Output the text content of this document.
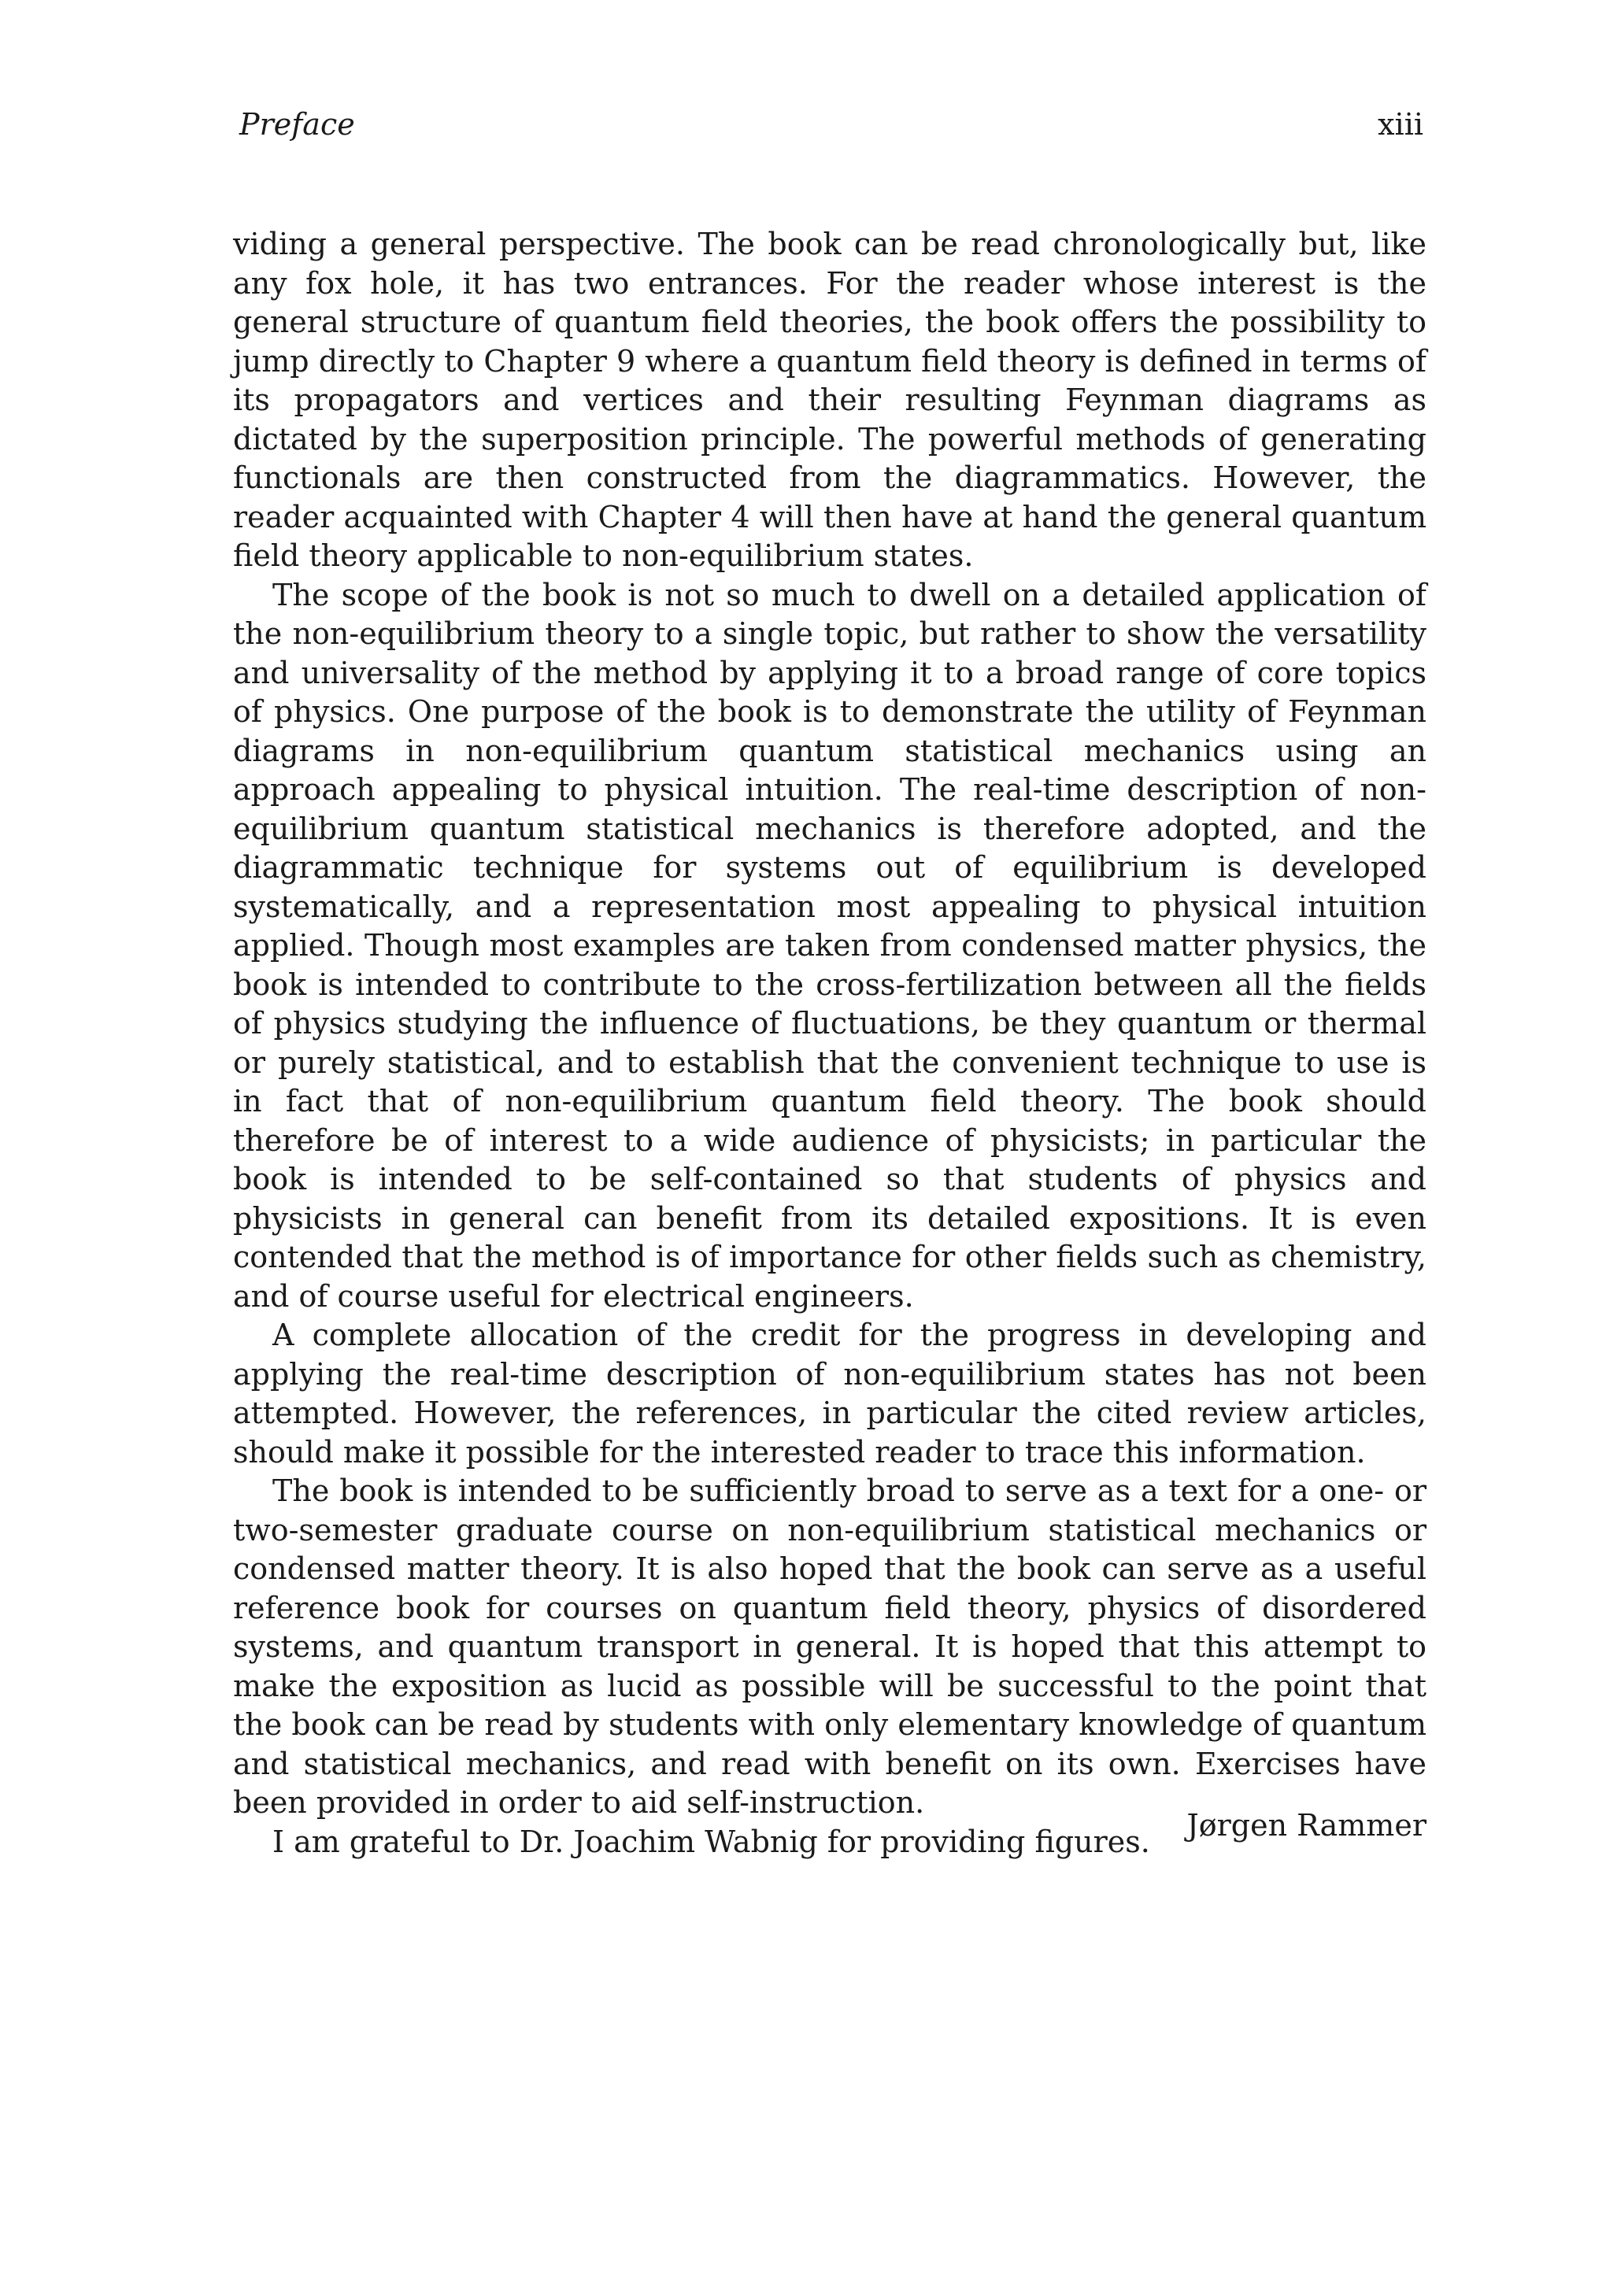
Preface	xiii

viding a general perspective. The book can be read chronologically but, like any fox hole, it has two entrances. For the reader whose interest is the general structure of quantum field theories, the book offers the possibility to jump directly to Chapter 9 where a quantum field theory is defined in terms of its propagators and vertices and their resulting Feynman diagrams as dictated by the superposition principle. The powerful methods of generating functionals are then constructed from the diagrammatics. However, the reader acquainted with Chapter 4 will then have at hand the general quantum field theory applicable to non-equilibrium states.

The scope of the book is not so much to dwell on a detailed application of the non-equilibrium theory to a single topic, but rather to show the versatility and universality of the method by applying it to a broad range of core topics of physics. One purpose of the book is to demonstrate the utility of Feynman diagrams in non-equilibrium quantum statistical mechanics using an approach appealing to physical intuition. The real-time description of non-equilibrium quantum statistical mechanics is therefore adopted, and the diagrammatic technique for systems out of equilibrium is developed systematically, and a representation most appealing to physical intuition applied. Though most examples are taken from condensed matter physics, the book is intended to contribute to the cross-fertilization between all the fields of physics studying the influence of fluctuations, be they quantum or thermal or purely statistical, and to establish that the convenient technique to use is in fact that of non-equilibrium quantum field theory. The book should therefore be of interest to a wide audience of physicists; in particular the book is intended to be self-contained so that students of physics and physicists in general can benefit from its detailed expositions. It is even contended that the method is of importance for other fields such as chemistry, and of course useful for electrical engineers.

A complete allocation of the credit for the progress in developing and applying the real-time description of non-equilibrium states has not been attempted. However, the references, in particular the cited review articles, should make it possible for the interested reader to trace this information.

The book is intended to be sufficiently broad to serve as a text for a one- or two-semester graduate course on non-equilibrium statistical mechanics or condensed matter theory. It is also hoped that the book can serve as a useful reference book for courses on quantum field theory, physics of disordered systems, and quantum transport in general. It is hoped that this attempt to make the exposition as lucid as possible will be successful to the point that the book can be read by students with only elementary knowledge of quantum and statistical mechanics, and read with benefit on its own. Exercises have been provided in order to aid self-instruction.

I am grateful to Dr. Joachim Wabnig for providing figures.	Jørgen Rammer
